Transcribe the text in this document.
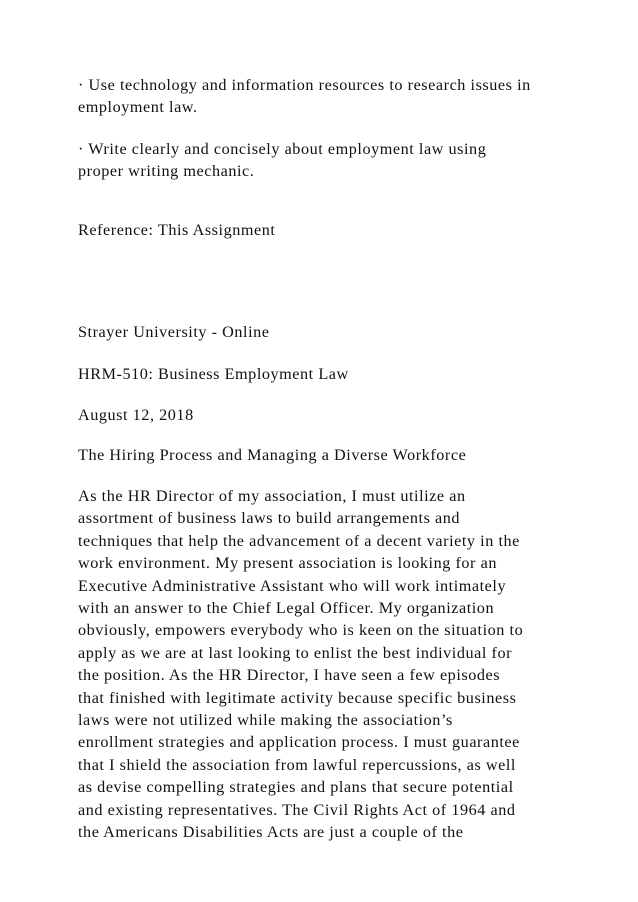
· Use technology and information resources to research issues in
employment law.

· Write clearly and concisely about employment law using
proper writing mechanic.

Reference: This Assignment

Strayer University - Online

HRM-510: Business Employment Law

August 12, 2018

The Hiring Process and Managing a Diverse Workforce

As the HR Director of my association, I must utilize an
assortment of business laws to build arrangements and
techniques that help the advancement of a decent variety in the
work environment. My present association is looking for an
Executive Administrative Assistant who will work intimately
with an answer to the Chief Legal Officer. My organization
obviously, empowers everybody who is keen on the situation to
apply as we are at last looking to enlist the best individual for
the position. As the HR Director, I have seen a few episodes
that finished with legitimate activity because specific business
laws were not utilized while making the association’s
enrollment strategies and application process. I must guarantee
that I shield the association from lawful repercussions, as well
as devise compelling strategies and plans that secure potential
and existing representatives. The Civil Rights Act of 1964 and
the Americans Disabilities Acts are just a couple of the
